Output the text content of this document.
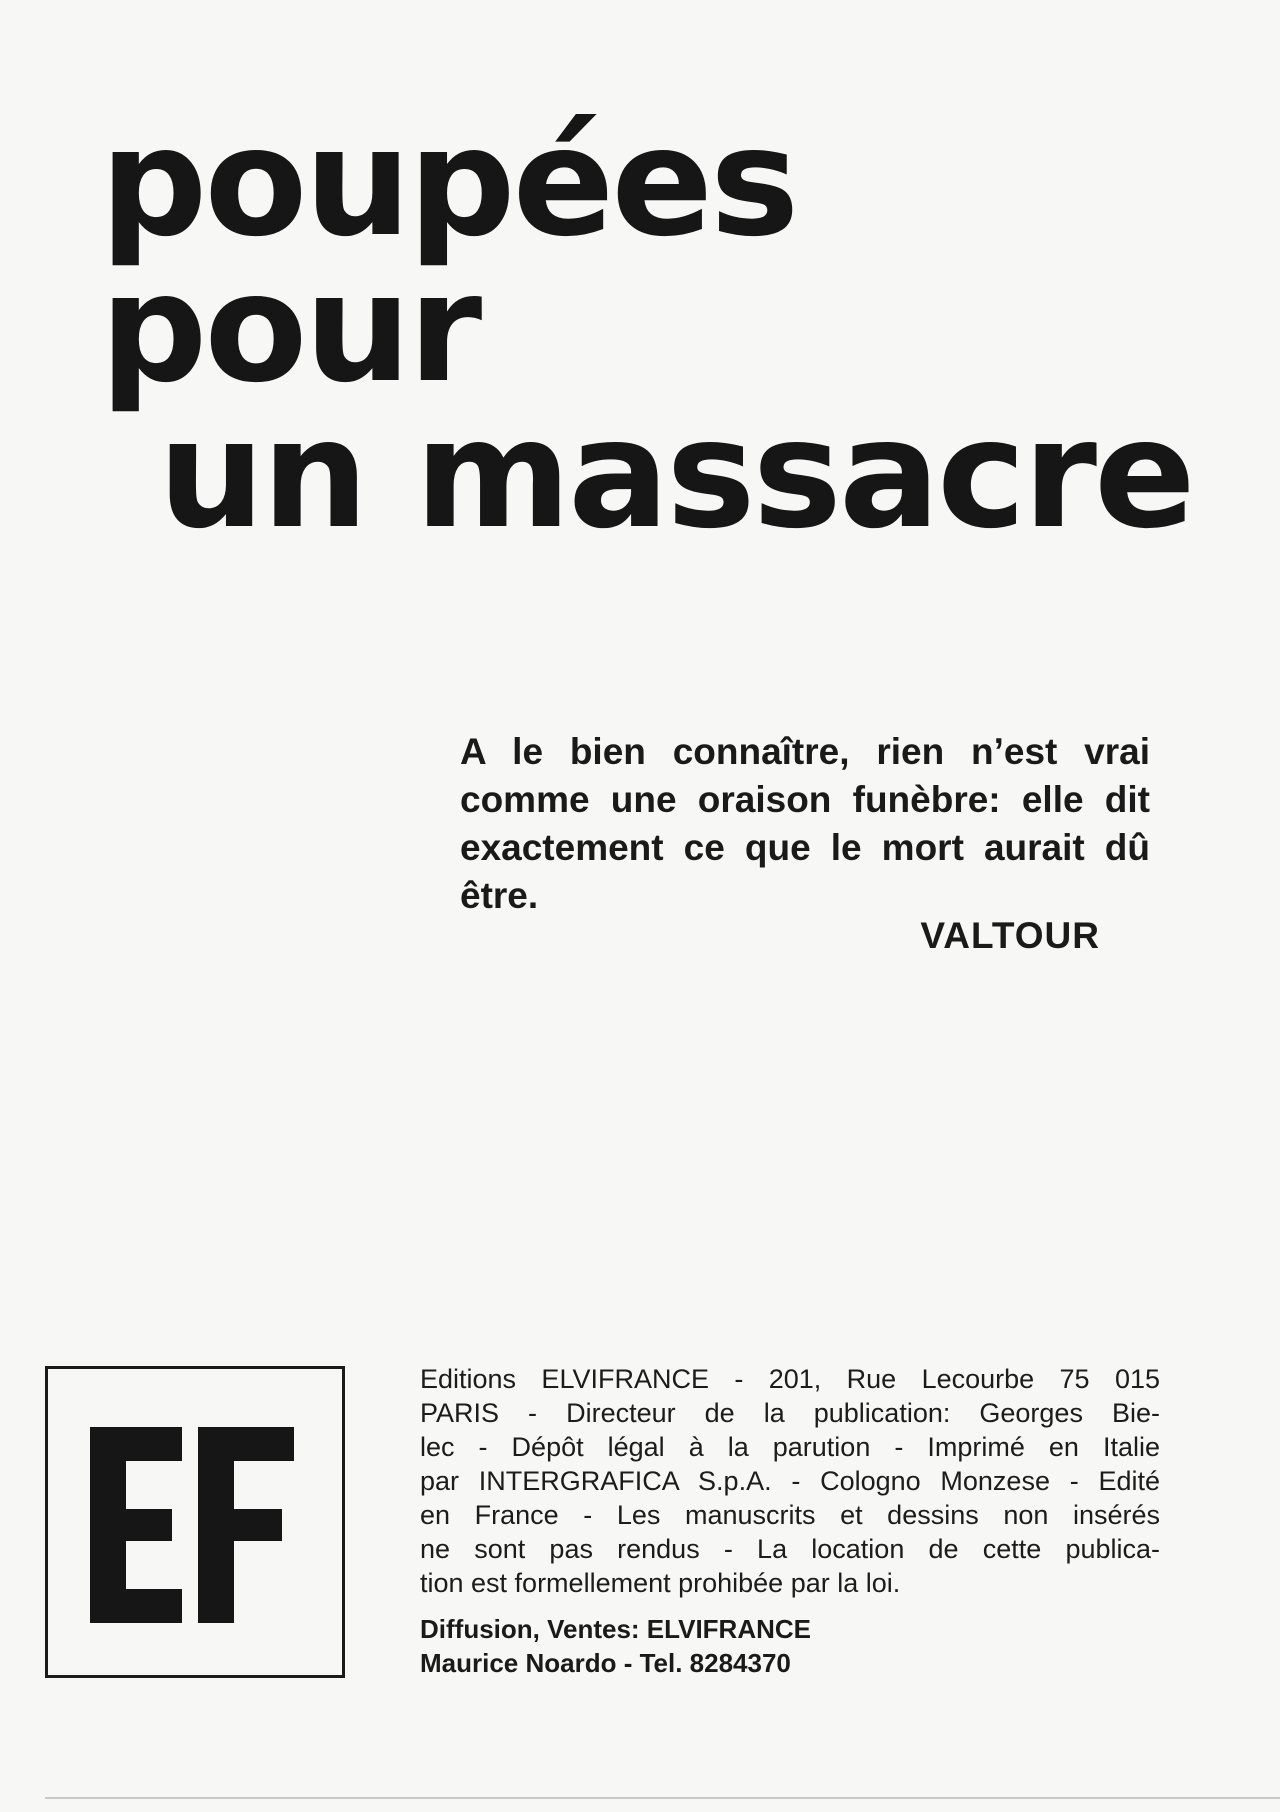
poupées pour
un massacre

A le bien connaître, rien n’est vrai comme une oraison funèbre: elle dit exactement ce que le mort aurait dû être.

VALTOUR
Editions ELVIFRANCE - 201, Rue Lecourbe 75 015
PARIS - Directeur de la publication: Georges Bie-
lec - Dépôt légal à la parution - Imprimé en Italie
par INTERGRAFICA S.p.A. - Cologno Monzese - Edité
en France - Les manuscrits et dessins non insérés
ne sont pas rendus - La location de cette publica-
tion est formellement prohibée par la loi.
Diffusion, Ventes: ELVIFRANCE
Maurice Noardo - Tel. 8284370
